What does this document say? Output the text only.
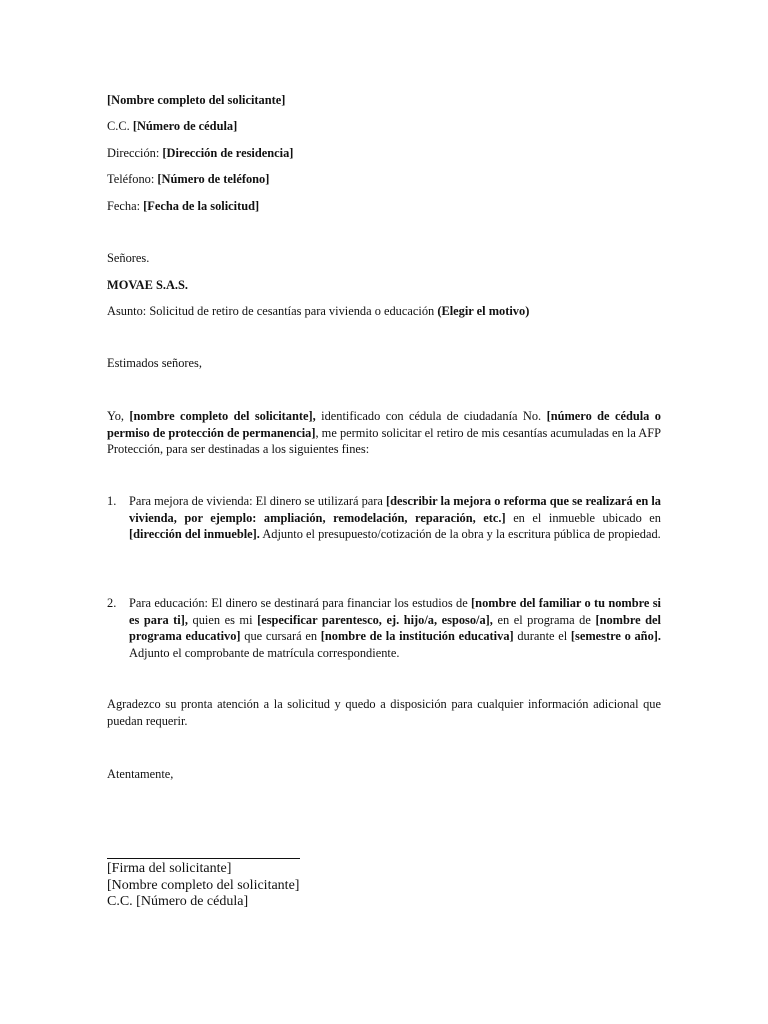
[Nombre completo del solicitante]

C.C. [Número de cédula]

Dirección: [Dirección de residencia]

Teléfono: [Número de teléfono]

Fecha: [Fecha de la solicitud]

Señores.

MOVAE S.A.S.

Asunto: Solicitud de retiro de cesantías para vivienda o educación (Elegir el motivo)

Estimados señores,

Yo, [nombre completo del solicitante], identificado con cédula de ciudadanía No. [número de cédula o permiso de protección de permanencia], me permito solicitar el retiro de mis cesantías acumuladas en la AFP Protección, para ser destinadas a los siguientes fines:

1. Para mejora de vivienda: El dinero se utilizará para [describir la mejora o reforma que se realizará en la vivienda, por ejemplo: ampliación, remodelación, reparación, etc.] en el inmueble ubicado en [dirección del inmueble]. Adjunto el presupuesto/cotización de la obra y la escritura pública de propiedad.

2. Para educación: El dinero se destinará para financiar los estudios de [nombre del familiar o tu nombre si es para ti], quien es mi [especificar parentesco, ej. hijo/a, esposo/a], en el programa de [nombre del programa educativo] que cursará en [nombre de la institución educativa] durante el [semestre o año]. Adjunto el comprobante de matrícula correspondiente.

Agradezco su pronta atención a la solicitud y quedo a disposición para cualquier información adicional que puedan requerir.

Atentamente,

[Firma del solicitante]

[Nombre completo del solicitante]

C.C. [Número de cédula]
